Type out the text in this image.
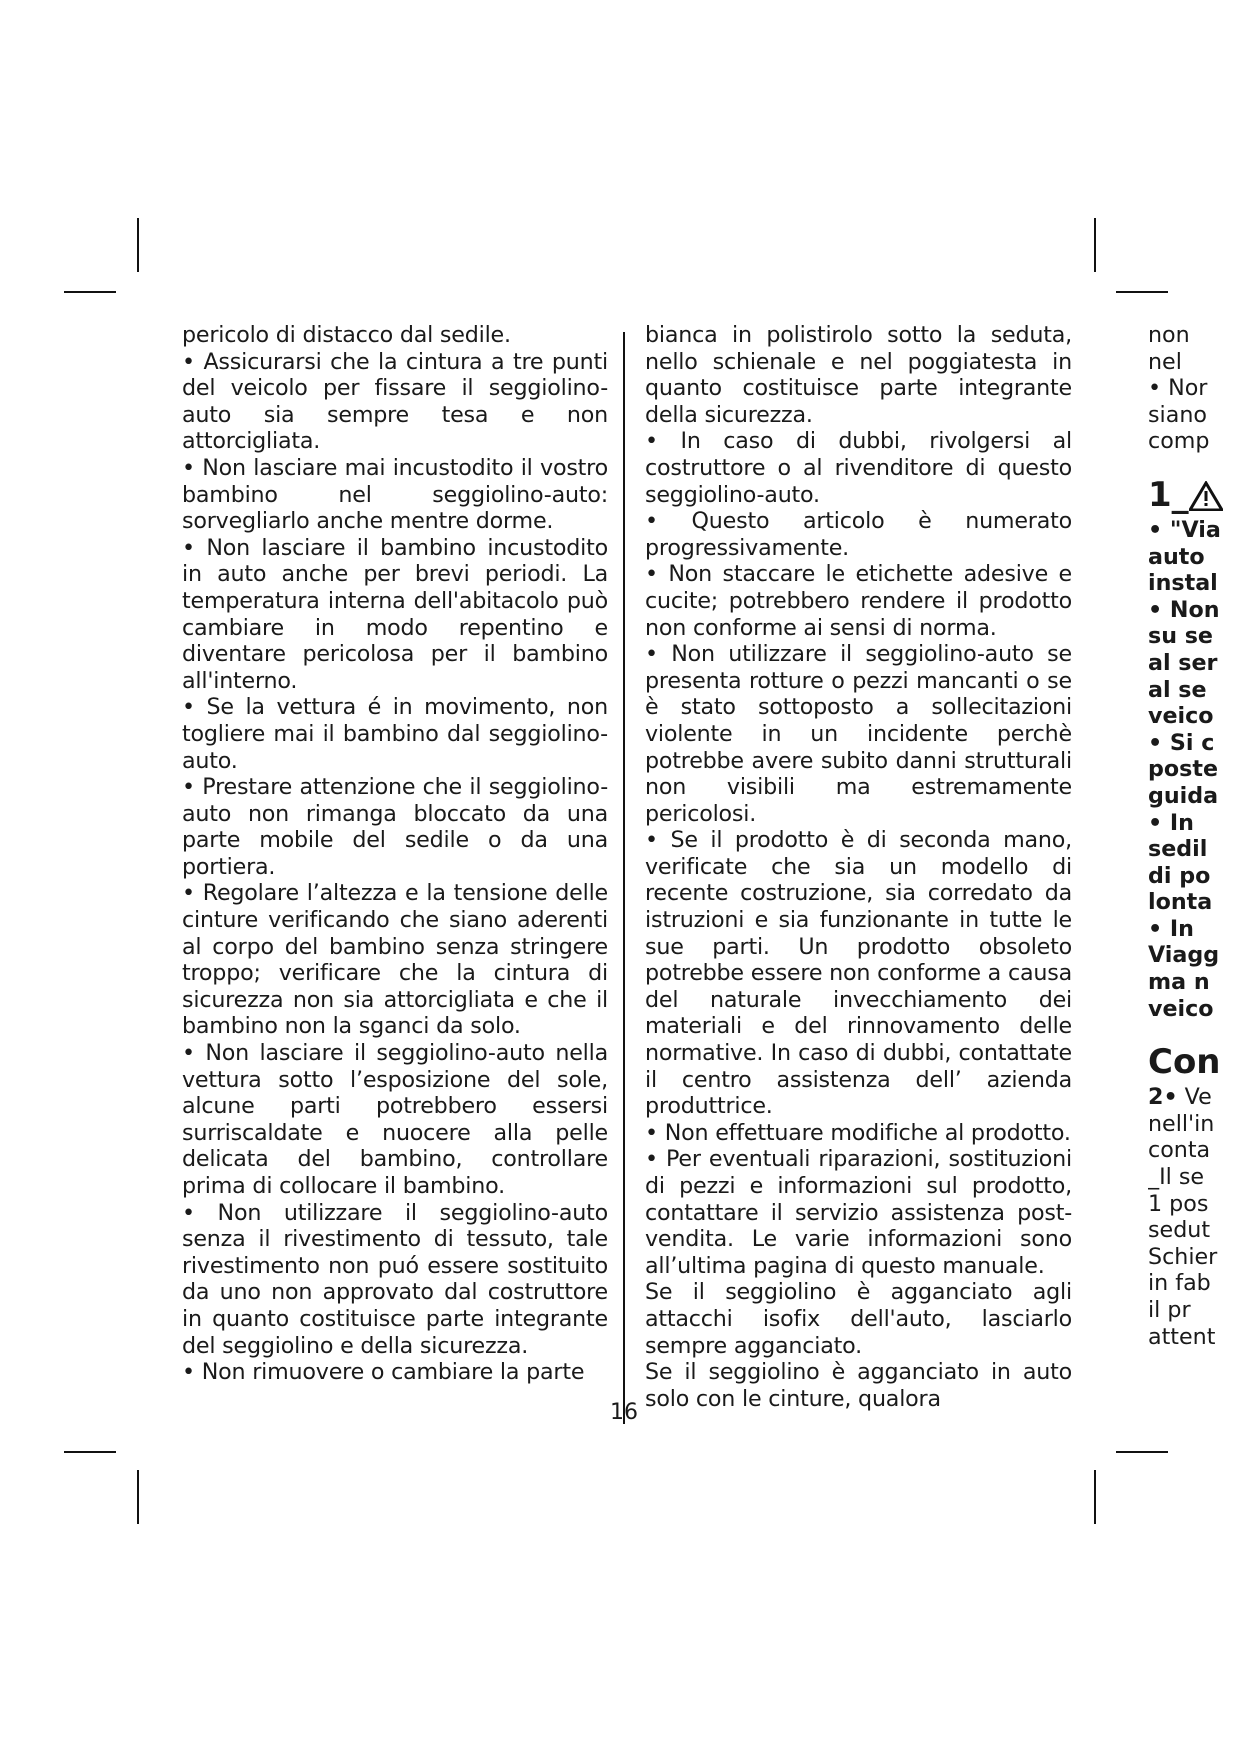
pericolo di distacco dal sedile.

• Assicurarsi che la cintura a tre punti del veicolo per fissare il seggiolino-auto sia sempre tesa e non attorcigliata.

• Non lasciare mai incustodito il vostro bambino nel seggiolino-auto: sorvegliarlo anche mentre dorme.

• Non lasciare il bambino incustodito in auto anche per brevi periodi. La temperatura interna dell'abitacolo può cambiare in modo repentino e diventare pericolosa per il bambino all'interno.

• Se la vettura é in movimento, non togliere mai il bambino dal seggiolino-auto.

• Prestare attenzione che il seggiolino-auto non rimanga bloccato da una parte mobile del sedile o da una portiera.

• Regolare l’altezza e la tensione delle cinture verificando che siano aderenti al corpo del bambino senza stringere troppo; verificare che la cintura di sicurezza non sia attorcigliata e che il bambino non la sganci da solo.

• Non lasciare il seggiolino-auto nella vettura sotto l’esposizione del sole, alcune parti potrebbero essersi surriscaldate e nuocere alla pelle delicata del bambino, controllare prima di collocare il bambino.

• Non utilizzare il seggiolino-auto senza il rivestimento di tessuto, tale rivestimento non puó essere sostituito da uno non approvato dal costruttore in quanto costituisce parte integrante del seggiolino e della sicurezza.

• Non rimuovere o cambiare la parte

16

bianca in polistirolo sotto la seduta, nello schienale e nel poggiatesta in quanto costituisce parte integrante della sicurezza.

• In caso di dubbi, rivolgersi al costruttore o al rivenditore di questo seggiolino-auto.

• Questo articolo è numerato progressivamente.

• Non staccare le etichette adesive e cucite; potrebbero rendere il prodotto non conforme ai sensi di norma.

• Non utilizzare il seggiolino-auto se presenta rotture o pezzi mancanti o se è stato sottoposto a sollecitazioni violente in un incidente perchè potrebbe avere subito danni strutturali non visibili ma estremamente pericolosi.

• Se il prodotto è di seconda mano, verificate che sia un modello di recente costruzione, sia corredato da istruzioni e sia funzionante in tutte le sue parti. Un prodotto obsoleto potrebbe essere non conforme a causa del naturale invecchiamento dei materiali e del rinnovamento delle normative. In caso di dubbi, contattate il centro assistenza dell’ azienda produttrice.

• Non effettuare modifiche al prodotto.

• Per eventuali riparazioni, sostituzioni di pezzi e informazioni sul prodotto, contattare il servizio assistenza post-vendita. Le varie informazioni sono all’ultima pagina di questo manuale.

Se il seggiolino è agganciato agli attacchi isofix dell'auto, lasciarlo sempre agganciato.

Se il seggiolino è agganciato in auto solo con le cinture, qualora

non
nel
• Nor
siano
comp
1_
• "Via
auto
instal
• Non
su se
al ser
al se
veico
• Si c
poste
guida
• In
sedil
di po
lonta
• In
Viagg
ma n
veico
Con
2• Ve
nell'in
conta
_Il se
1 pos
sedut
Schier
in fab
il pr
attent
